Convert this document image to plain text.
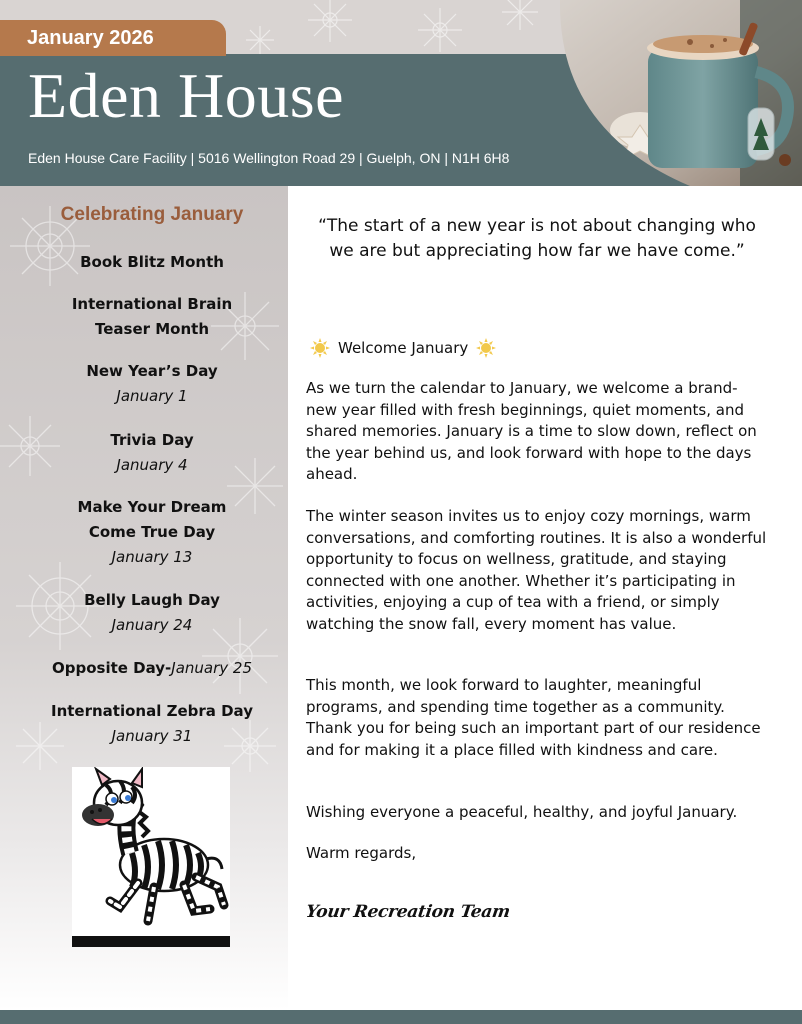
January 2026
Eden House
Eden House Care Facility | 5016 Wellington Road 29 | Guelph, ON | N1H 6H8
Celebrating January
Book Blitz Month
International Brain
Teaser Month
New Year’s Day
January 1
Trivia Day
January 4
Make Your Dream
Come True Day
January 13
Belly Laugh Day
January 24
Opposite Day-January 25
International Zebra Day
January 31
“The start of a new year is not about changing who we are but appreciating how far we have come.”
Welcome January

As we turn the calendar to January, we welcome a brand-new year filled with fresh beginnings, quiet moments, and shared memories. January is a time to slow down, reflect on the year behind us, and look forward with hope to the days ahead.

The winter season invites us to enjoy cozy mornings, warm conversations, and comforting routines. It is also a wonderful opportunity to focus on wellness, gratitude, and staying connected with one another. Whether it’s participating in activities, enjoying a cup of tea with a friend, or simply watching the snow fall, every moment has value.

This month, we look forward to laughter, meaningful programs, and spending time together as a community. Thank you for being such an important part of our residence and for making it a place filled with kindness and care.

Wishing everyone a peaceful, healthy, and joyful January.

Warm regards,

Your Recreation Team
